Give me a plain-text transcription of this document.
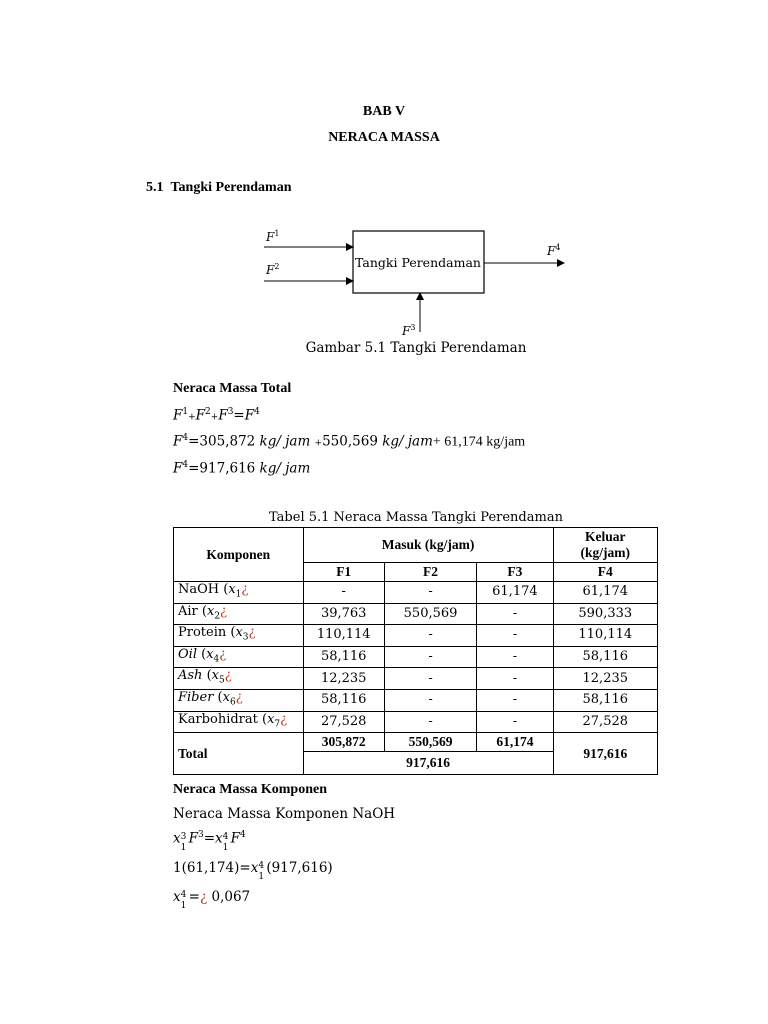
BAB V
NERACA MASSA
5.1 Tangki Perendaman
Tangki Perendaman
$F^1$
$F^2$
$F^3$
$F^4$
Gambar 5.1 Tangki Perendaman
Neraca Massa Total
$F^1+F^2+F^3=F^4$
$F^4=305,872$ kg/ jam +550,569 kg/ jam+ 61,174 kg/jam
$F^4=917,616$ kg/ jam
Tabel 5.1 Neraca Massa Tangki Perendaman
Komponen	Masuk (kg/jam)			Keluar
(kg/jam)
	F1	F2	F3	F4
NaOH ($x_1¿$	-	-	61,174	61,174
Air ($x_2¿$	39,763	550,569	-	590,333
Protein ($x_3¿$	110,114	-	-	110,114
Oil ($x_4¿$	58,116	-	-	58,116
Ash ($x_5¿$	12,235	-	-	12,235
Fiber ($x_6¿$	58,116	-	-	58,116
Karbohidrat ($x_7¿$	27,528	-	-	27,528
Total	305,872	550,569	61,174	917,616
	917,616			
Neraca Massa Komponen
Neraca Massa Komponen NaOH
x 3
1
$F^3=x$ 4
1
$F^4$
1(61,174)=x 4
1
(917,616)
x 4
1
=¿ 0,067
